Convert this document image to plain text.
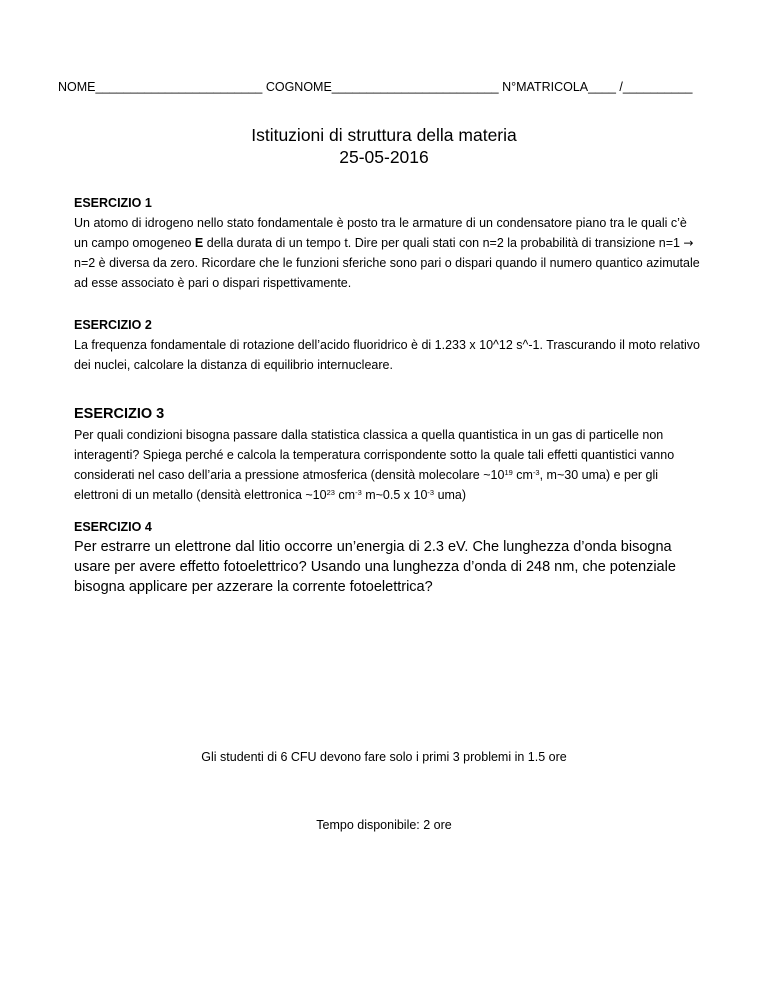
NOME________________________ COGNOME________________________ N°MATRICOLA____ /__________
Istituzioni di struttura della materia
25-05-2016
ESERCIZIO 1
Un atomo di idrogeno nello stato fondamentale è posto tra le armature di un condensatore piano tra le quali c’è un campo omogeneo E della durata di un tempo t. Dire per quali stati con n=2 la probabilità di transizione n=1 → n=2 è diversa da zero. Ricordare che le funzioni sferiche sono pari o dispari quando il numero quantico azimutale ad esse associato è pari o dispari rispettivamente.
ESERCIZIO 2
La frequenza fondamentale di rotazione dell’acido fluoridrico è di 1.233 x 10^12 s^-1. Trascurando il moto relativo dei nuclei, calcolare la distanza di equilibrio internucleare.
ESERCIZIO 3
Per quali condizioni bisogna passare dalla statistica classica a quella quantistica in un gas di particelle non interagenti? Spiega perché e calcola la temperatura corrispondente sotto la quale tali effetti quantistici vanno considerati nel caso dell’aria a pressione atmosferica (densità molecolare $\sim 10^{19}$ $cm^{-3}$, m~30 uma) e per gli elettroni di un metallo (densità elettronica $\sim 10^{23}$ $cm^{-3}$ m~0.5 x $10^{-3}$ uma)
ESERCIZIO 4
Per estrarre un elettrone dal litio occorre un’energia di 2.3 eV. Che lunghezza d’onda bisogna usare per avere effetto fotoelettrico? Usando una lunghezza d’onda di 248 nm, che potenziale bisogna applicare per azzerare la corrente fotoelettrica?
Gli studenti di 6 CFU devono fare solo i primi 3 problemi in 1.5 ore
Tempo disponibile: 2 ore
